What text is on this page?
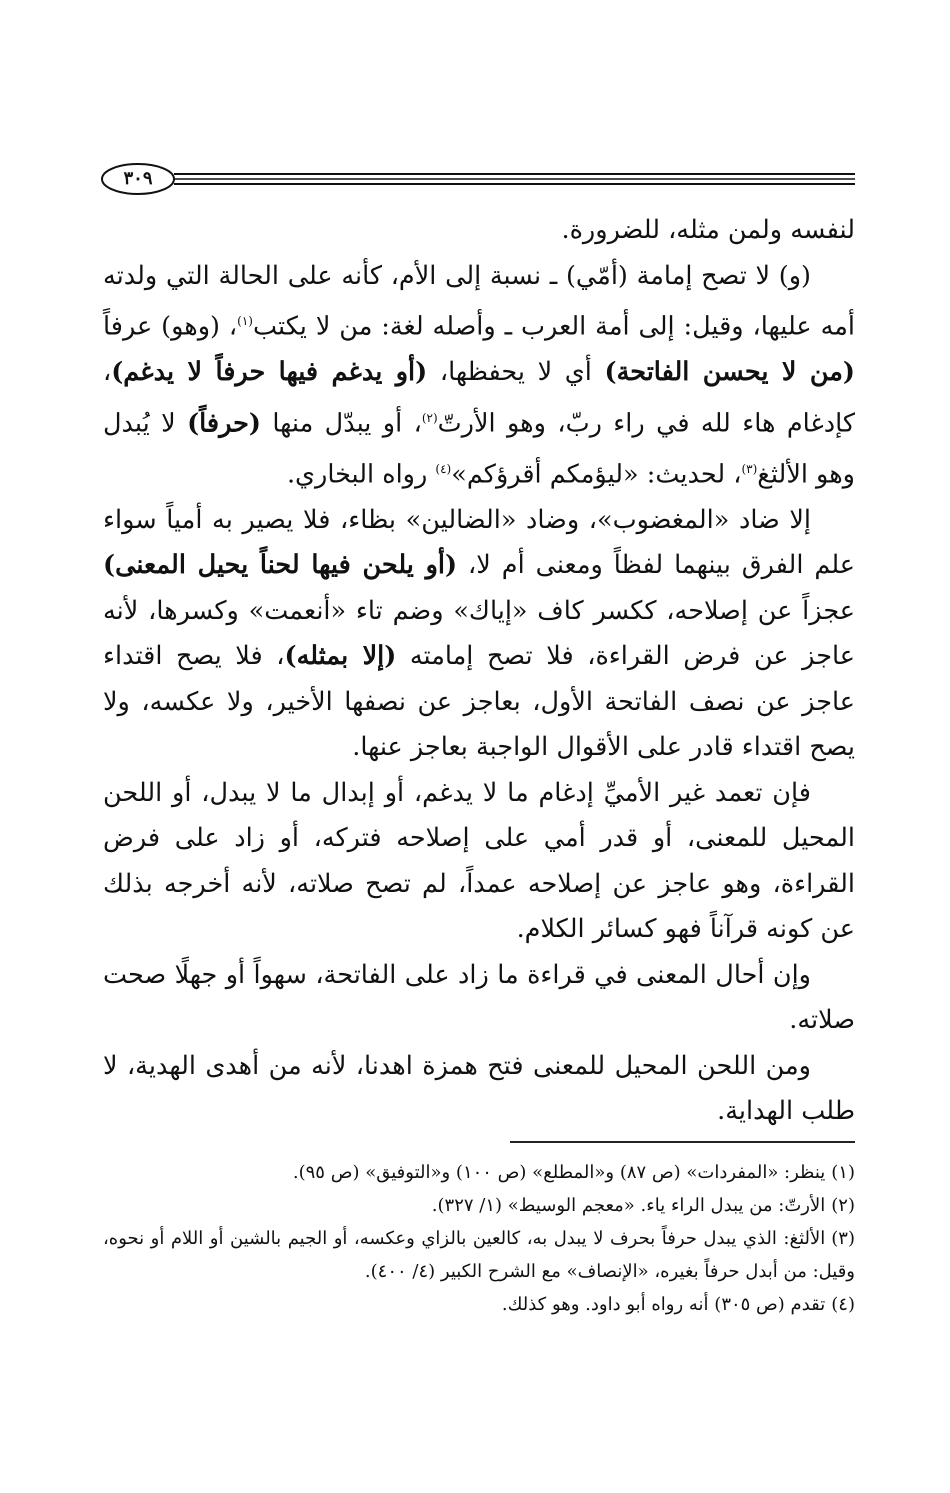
٣٠٩

لنفسه ولمن مثله، للضرورة.

(و) لا تصح إمامة (أمّي) ـ نسبة إلى الأم، كأنه على الحالة التي ولدته أمه عليها، وقيل: إلى أمة العرب ـ وأصله لغة: من لا يكتب$^{(١)}$، (وهو) عرفاً (من لا يحسن الفاتحة) أي لا يحفظها، (أو يدغم فيها حرفاً لا يدغم)، كإدغام هاء لله في راء ربّ، وهو الأرتّ$^{(٢)}$، أو يبدّل منها (حرفاً) لا يُبدل وهو الألثغ$^{(٣)}$، لحديث: «ليؤمكم أقرؤكم»$^{(٤)}$ رواه البخاري.

إلا ضاد «المغضوب»، وضاد «الضالين» بظاء، فلا يصير به أمياً سواء علم الفرق بينهما لفظاً ومعنى أم لا، (أو يلحن فيها لحناً يحيل المعنى) عجزاً عن إصلاحه، ككسر كاف «إياك» وضم تاء «أنعمت» وكسرها، لأنه عاجز عن فرض القراءة، فلا تصح إمامته (إلا بمثله)، فلا يصح اقتداء عاجز عن نصف الفاتحة الأول، بعاجز عن نصفها الأخير، ولا عكسه، ولا يصح اقتداء قادر على الأقوال الواجبة بعاجز عنها.

فإن تعمد غير الأميِّ إدغام ما لا يدغم، أو إبدال ما لا يبدل، أو اللحن المحيل للمعنى، أو قدر أمي على إصلاحه فتركه، أو زاد على فرض القراءة، وهو عاجز عن إصلاحه عمداً، لم تصح صلاته، لأنه أخرجه بذلك عن كونه قرآناً فهو كسائر الكلام.

وإن أحال المعنى في قراءة ما زاد على الفاتحة، سهواً أو جهلًا صحت صلاته.

ومن اللحن المحيل للمعنى فتح همزة اهدنا، لأنه من أهدى الهدية، لا طلب الهداية.

(١)ينظر: «المفردات» (ص ٨٧) و«المطلع» (ص ١٠٠) و«التوفيق» (ص ٩٥).

(٢)الأرتّ: من يبدل الراء ياء. «معجم الوسيط» (١/ ٣٢٧).

(٣)الألثغ: الذي يبدل حرفاً بحرف لا يبدل به، كالعين بالزاي وعكسه، أو الجيم بالشين أو اللام أو نحوه، وقيل: من أبدل حرفاً بغيره، «الإنصاف» مع الشرح الكبير (٤/ ٤٠٠).

(٤)تقدم (ص ٣٠٥) أنه رواه أبو داود. وهو كذلك.
